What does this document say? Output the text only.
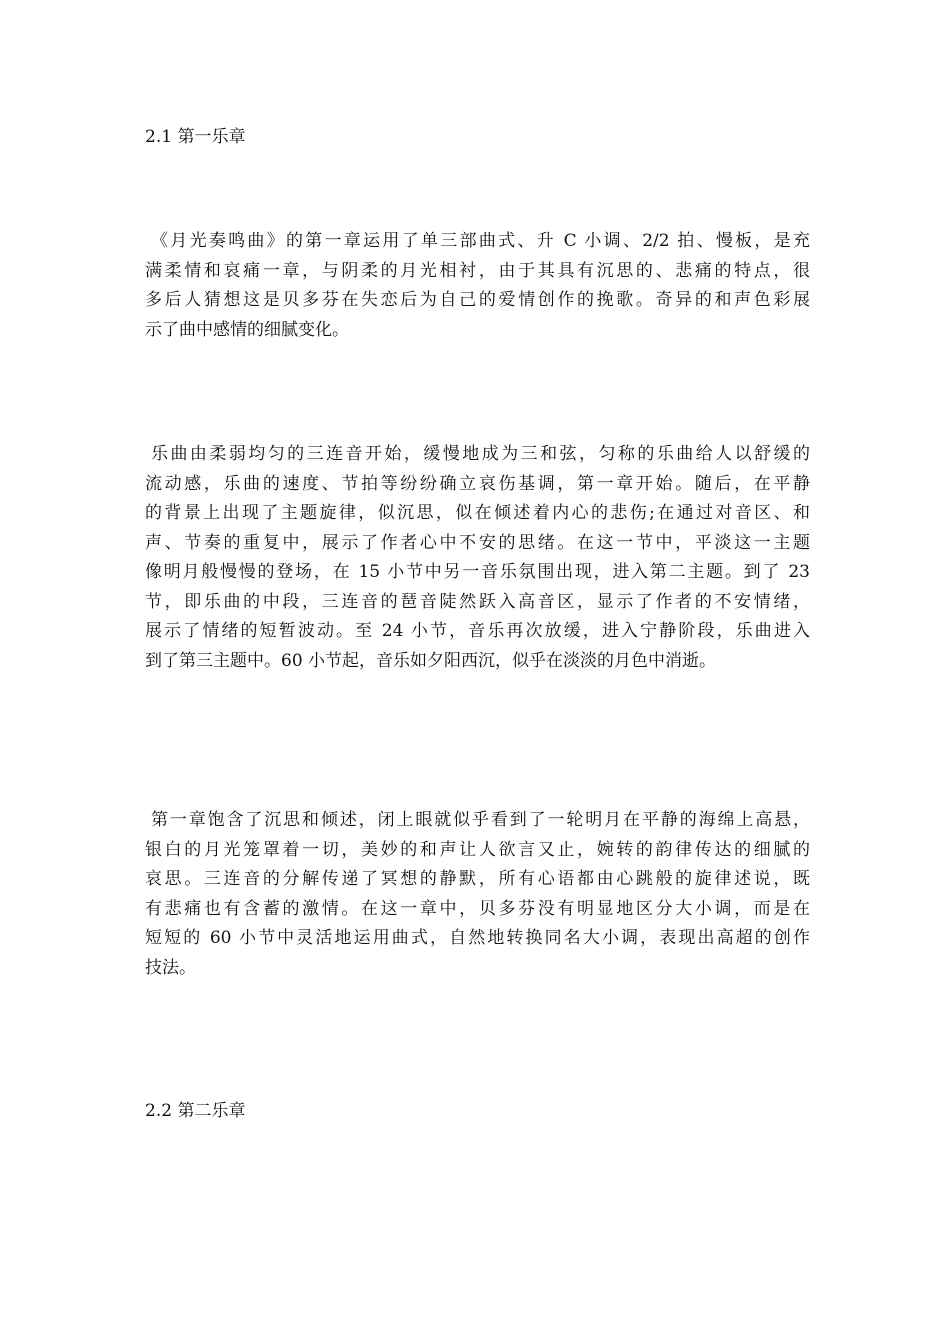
2.1 第一乐章
《月光奏鸣曲》的第一章运用了单三部曲式、升 C 小调、2/2 拍、慢板，是充
满柔情和哀痛一章，与阴柔的月光相衬，由于其具有沉思的、悲痛的特点，很
多后人猜想这是贝多芬在失恋后为自己的爱情创作的挽歌。奇异的和声色彩展
示了曲中感情的细腻变化。
乐曲由柔弱均匀的三连音开始，缓慢地成为三和弦，匀称的乐曲给人以舒缓的
流动感，乐曲的速度、节拍等纷纷确立哀伤基调，第一章开始。随后，在平静
的背景上出现了主题旋律，似沉思，似在倾述着内心的悲伤;在通过对音区、和
声、节奏的重复中，展示了作者心中不安的思绪。在这一节中，平淡这一主题
像明月般慢慢的登场，在 15 小节中另一音乐氛围出现，进入第二主题。到了 23
节，即乐曲的中段，三连音的琶音陡然跃入高音区，显示了作者的不安情绪，
展示了情绪的短暂波动。至 24 小节，音乐再次放缓，进入宁静阶段，乐曲进入
到了第三主题中。60 小节起，音乐如夕阳西沉，似乎在淡淡的月色中消逝。
第一章饱含了沉思和倾述，闭上眼就似乎看到了一轮明月在平静的海绵上高悬，
银白的月光笼罩着一切，美妙的和声让人欲言又止，婉转的韵律传达的细腻的
哀思。三连音的分解传递了冥想的静默，所有心语都由心跳般的旋律述说，既
有悲痛也有含蓄的激情。在这一章中，贝多芬没有明显地区分大小调，而是在
短短的 60 小节中灵活地运用曲式，自然地转换同名大小调，表现出高超的创作
技法。
2.2 第二乐章
